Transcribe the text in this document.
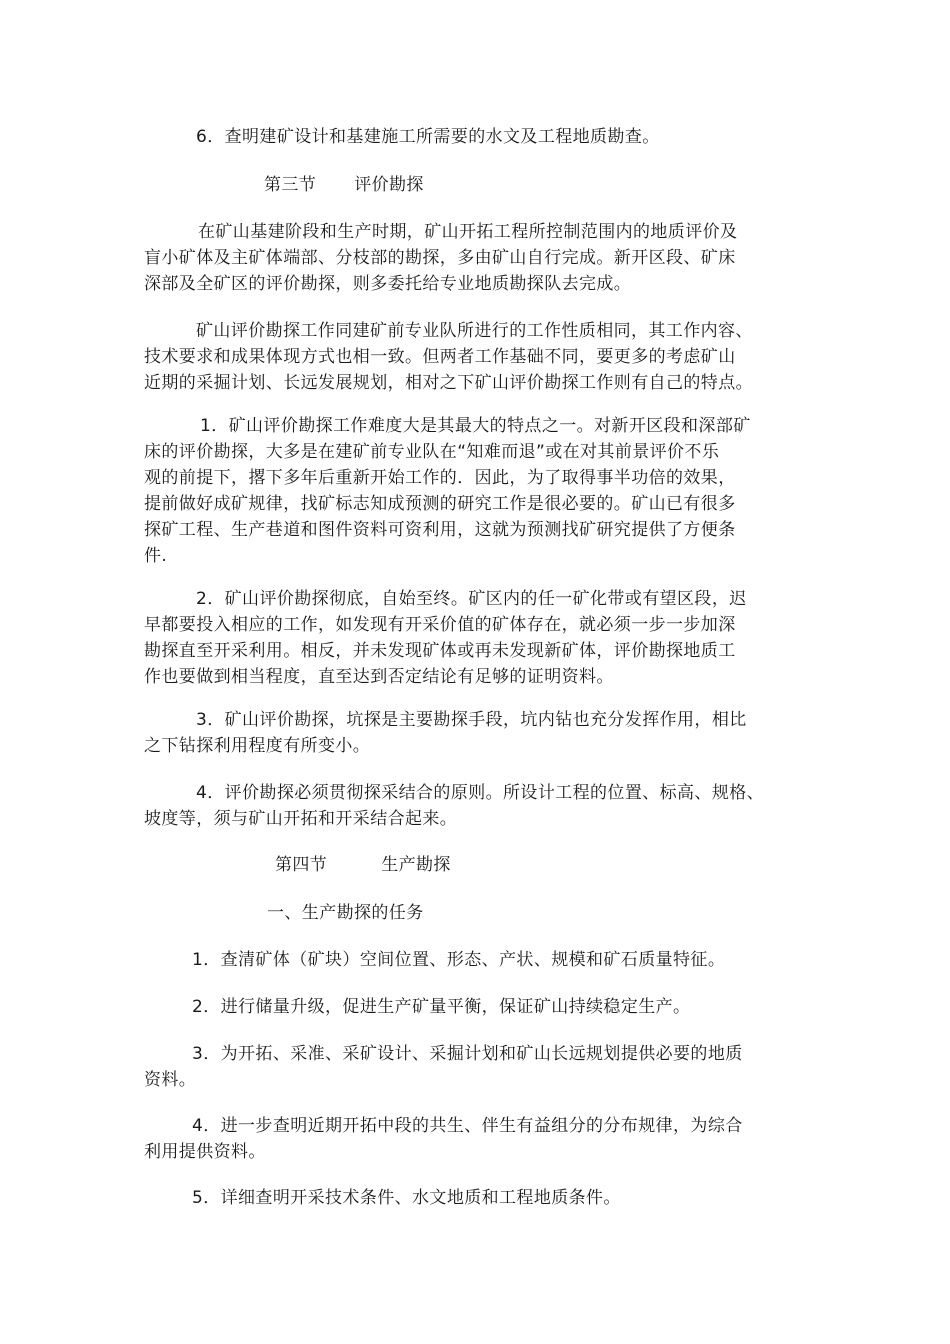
6．查明建矿设计和基建施工所需要的水文及工程地质勘查。
第三节 评价勘探
在矿山基建阶段和生产时期，矿山开拓工程所控制范围内的地质评价及
盲小矿体及主矿体端部、分枝部的勘探，多由矿山自行完成。新开区段、矿床
深部及全矿区的评价勘探，则多委托给专业地质勘探队去完成。
矿山评价勘探工作同建矿前专业队所进行的工作性质相同，其工作内容、
技术要求和成果体现方式也相一致。但两者工作基础不同，要更多的考虑矿山
近期的采掘计划、长远发展规划，相对之下矿山评价勘探工作则有自己的特点。
1．矿山评价勘探工作难度大是其最大的特点之一。对新开区段和深部矿
床的评价勘探，大多是在建矿前专业队在“知难而退”或在对其前景评价不乐
观的前提下，撂下多年后重新开始工作的．因此，为了取得事半功倍的效果，
提前做好成矿规律，找矿标志知成预测的研究工作是很必要的。矿山已有很多
探矿工程、生产巷道和图件资料可资利用，这就为预测找矿研究提供了方便条
件.
2．矿山评价勘探彻底，自始至终。矿区内的任一矿化带或有望区段，迟
早都要投入相应的工作，如发现有开采价值的矿体存在，就必须一步一步加深
勘探直至开采利用。相反，并未发现矿体或再未发现新矿体，评价勘探地质工
作也要做到相当程度，直至达到否定结论有足够的证明资料。
3．矿山评价勘探，坑探是主要勘探手段，坑内钻也充分发挥作用，相比
之下钻探利用程度有所变小。
4．评价勘探必须贯彻探采结合的原则。所设计工程的位置、标高、规格、
坡度等，须与矿山开拓和开采结合起来。
第四节	生产勘探
一、生产勘探的任务
1．查清矿体（矿块）空间位置、形态、产状、规模和矿石质量特征。
2．进行储量升级，促进生产矿量平衡，保证矿山持续稳定生产。
3．为开拓、采准、采矿设计、采掘计划和矿山长远规划提供必要的地质
资料。
4．进一步查明近期开拓中段的共生、伴生有益组分的分布规律，为综合
利用提供资料。
5．详细查明开采技术条件、水文地质和工程地质条件。
